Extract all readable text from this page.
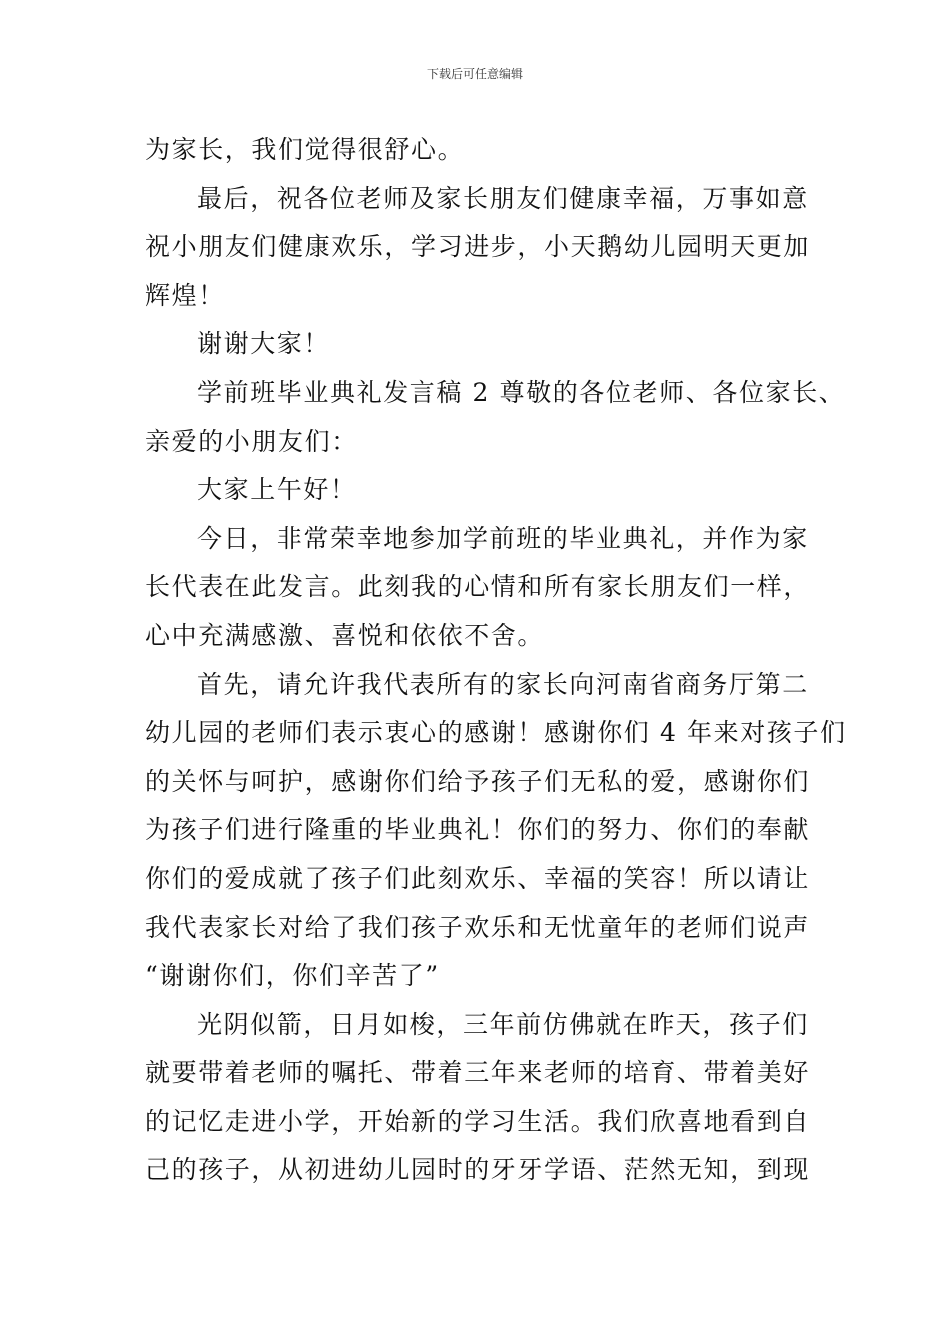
下载后可任意编辑
为家长，我们觉得很舒心。
最后，祝各位老师及家长朋友们健康幸福，万事如意
祝小朋友们健康欢乐，学习进步，小天鹅幼儿园明天更加
辉煌！
谢谢大家！
学前班毕业典礼发言稿 2 尊敬的各位老师、各位家长、
亲爱的小朋友们：
大家上午好！
今日，非常荣幸地参加学前班的毕业典礼，并作为家
长代表在此发言。此刻我的心情和所有家长朋友们一样，
心中充满感激、喜悦和依依不舍。
首先，请允许我代表所有的家长向河南省商务厅第二
幼儿园的老师们表示衷心的感谢！感谢你们 4 年来对孩子们
的关怀与呵护，感谢你们给予孩子们无私的爱，感谢你们
为孩子们进行隆重的毕业典礼！你们的努力、你们的奉献
你们的爱成就了孩子们此刻欢乐、幸福的笑容！所以请让
我代表家长对给了我们孩子欢乐和无忧童年的老师们说声
“谢谢你们，你们辛苦了”
光阴似箭，日月如梭，三年前仿佛就在昨天，孩子们
就要带着老师的嘱托、带着三年来老师的培育、带着美好
的记忆走进小学，开始新的学习生活。我们欣喜地看到自
己的孩子，从初进幼儿园时的牙牙学语、茫然无知，到现
